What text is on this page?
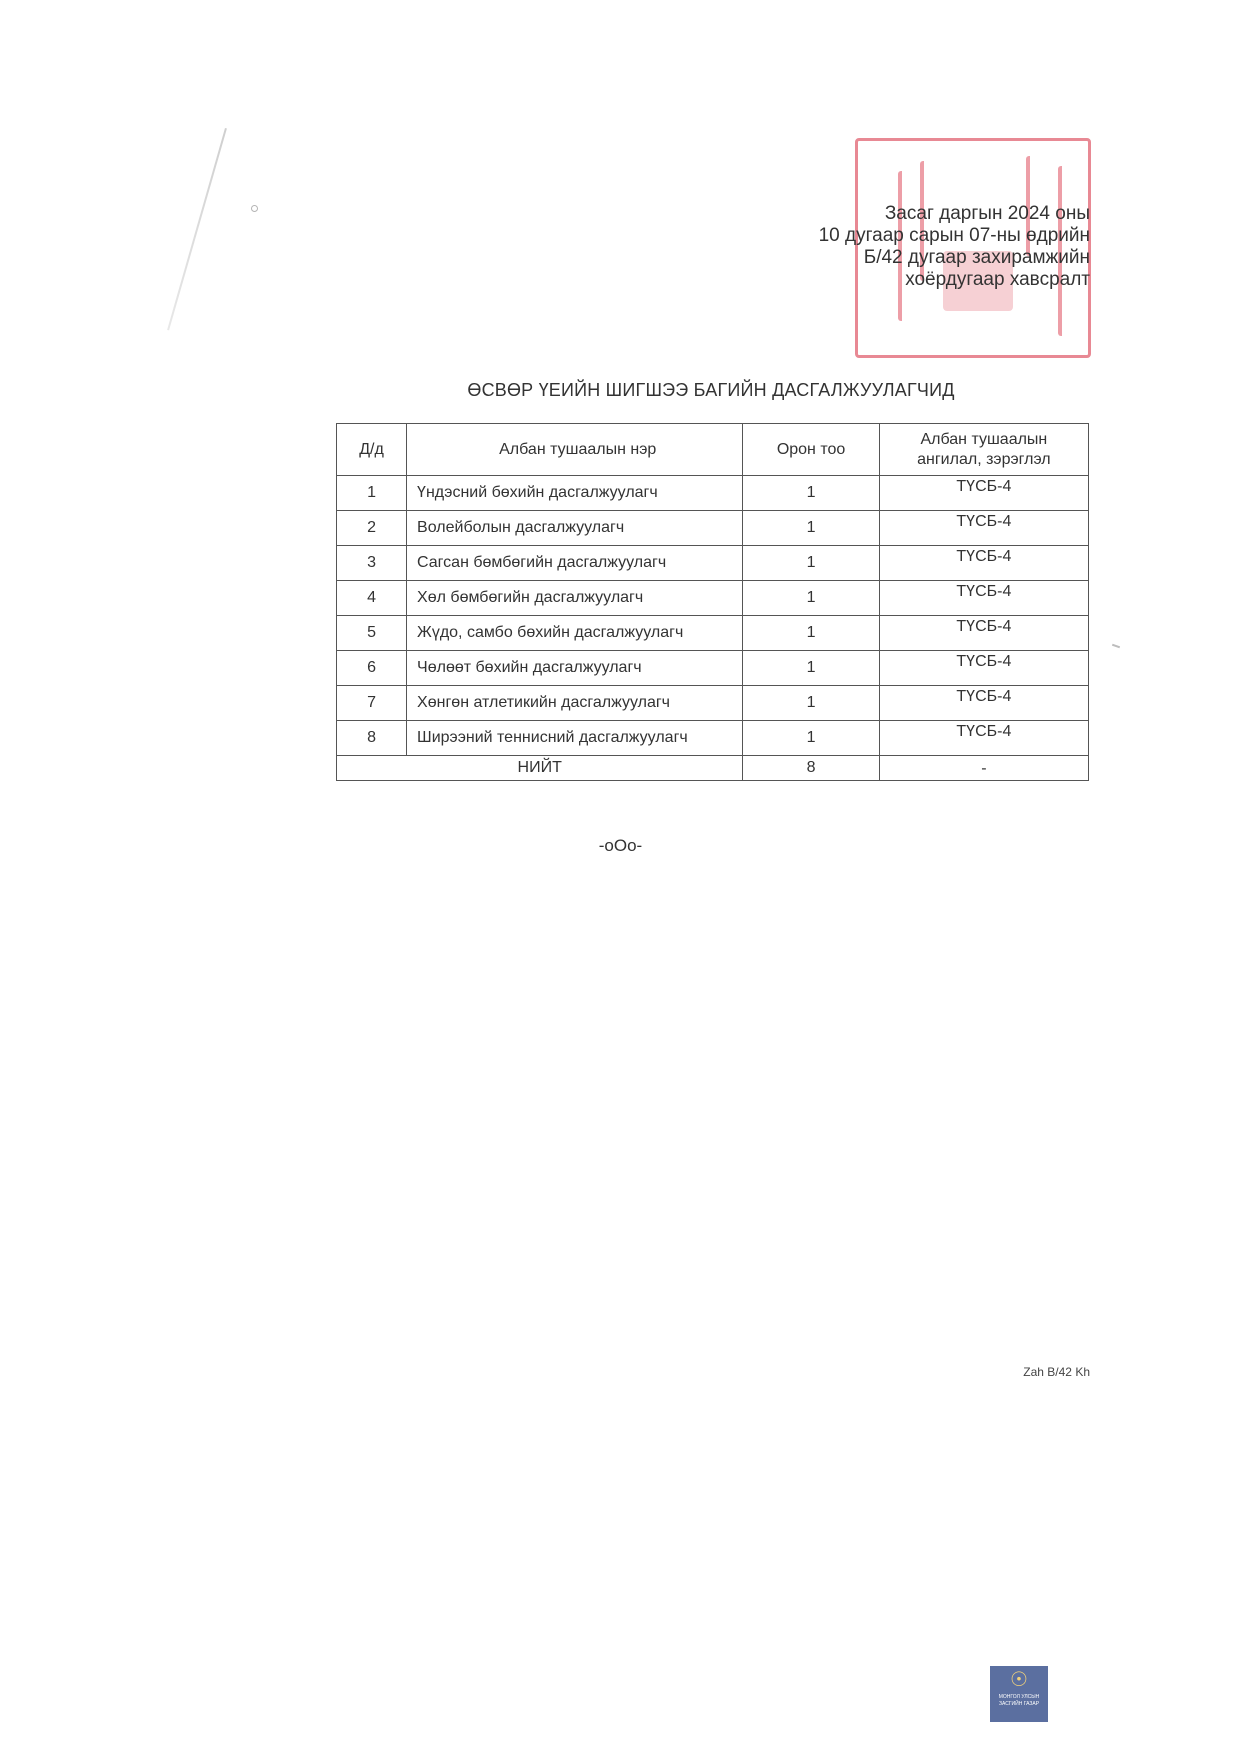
Засаг даргын 2024 оны
10 дугаар сарын 07-ны өдрийн
Б/42 дугаар захирамжийн
хоёрдугаар хавсралт
ӨСВӨР ҮЕИЙН ШИГШЭЭ БАГИЙН ДАСГАЛЖУУЛАГЧИД
Д/д	Албан тушаалын нэр	Орон тоо	Албан тушаалын
ангилал, зэрэглэл
1	Үндэсний бөхийн дасгалжуулагч	1	ТҮСБ-4
2	Волейболын дасгалжуулагч	1	ТҮСБ-4
3	Сагсан бөмбөгийн дасгалжуулагч	1	ТҮСБ-4
4	Хөл бөмбөгийн дасгалжуулагч	1	ТҮСБ-4
5	Жүдо, самбо бөхийн дасгалжуулагч	1	ТҮСБ-4
6	Чөлөөт бөхийн дасгалжуулагч	1	ТҮСБ-4
7	Хөнгөн атлетикийн дасгалжуулагч	1	ТҮСБ-4
8	Ширээний теннисний дасгалжуулагч	1	ТҮСБ-4
НИЙТ		8	-
-oOo-
Zah B/42 Kh
☉
МОНГОЛ УЛСЫН ЗАСГИЙН ГАЗАР
